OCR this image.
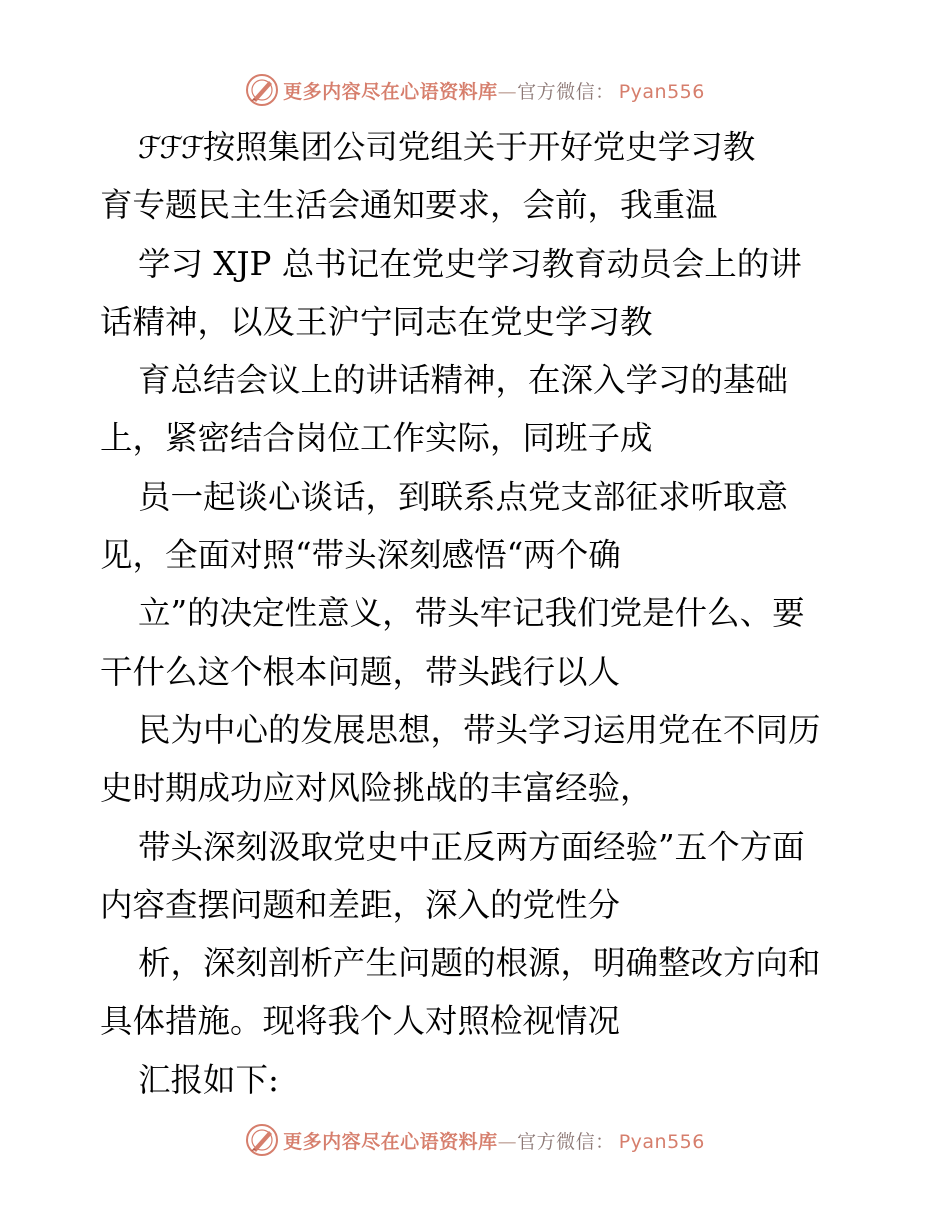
更多内容尽在心语资料库—官方微信： Pyan556
ℱℱℱ按照集团公司党组关于开好党史学习教
育专题民主生活会通知要求，会前，我重温
学习 XJP 总书记在党史学习教育动员会上的讲
话精神，以及王沪宁同志在党史学习教
育总结会议上的讲话精神，在深入学习的基础
上，紧密结合岗位工作实际，同班子成
员一起谈心谈话，到联系点党支部征求听取意
见，全面对照“带头深刻感悟“两个确
立”的决定性意义，带头牢记我们党是什么、要
干什么这个根本问题，带头践行以人
民为中心的发展思想，带头学习运用党在不同历
史时期成功应对风险挑战的丰富经验，
带头深刻汲取党史中正反两方面经验”五个方面
内容查摆问题和差距，深入的党性分
析，深刻剖析产生问题的根源，明确整改方向和
具体措施。现将我个人对照检视情况
汇报如下:
更多内容尽在心语资料库—官方微信： Pyan556
